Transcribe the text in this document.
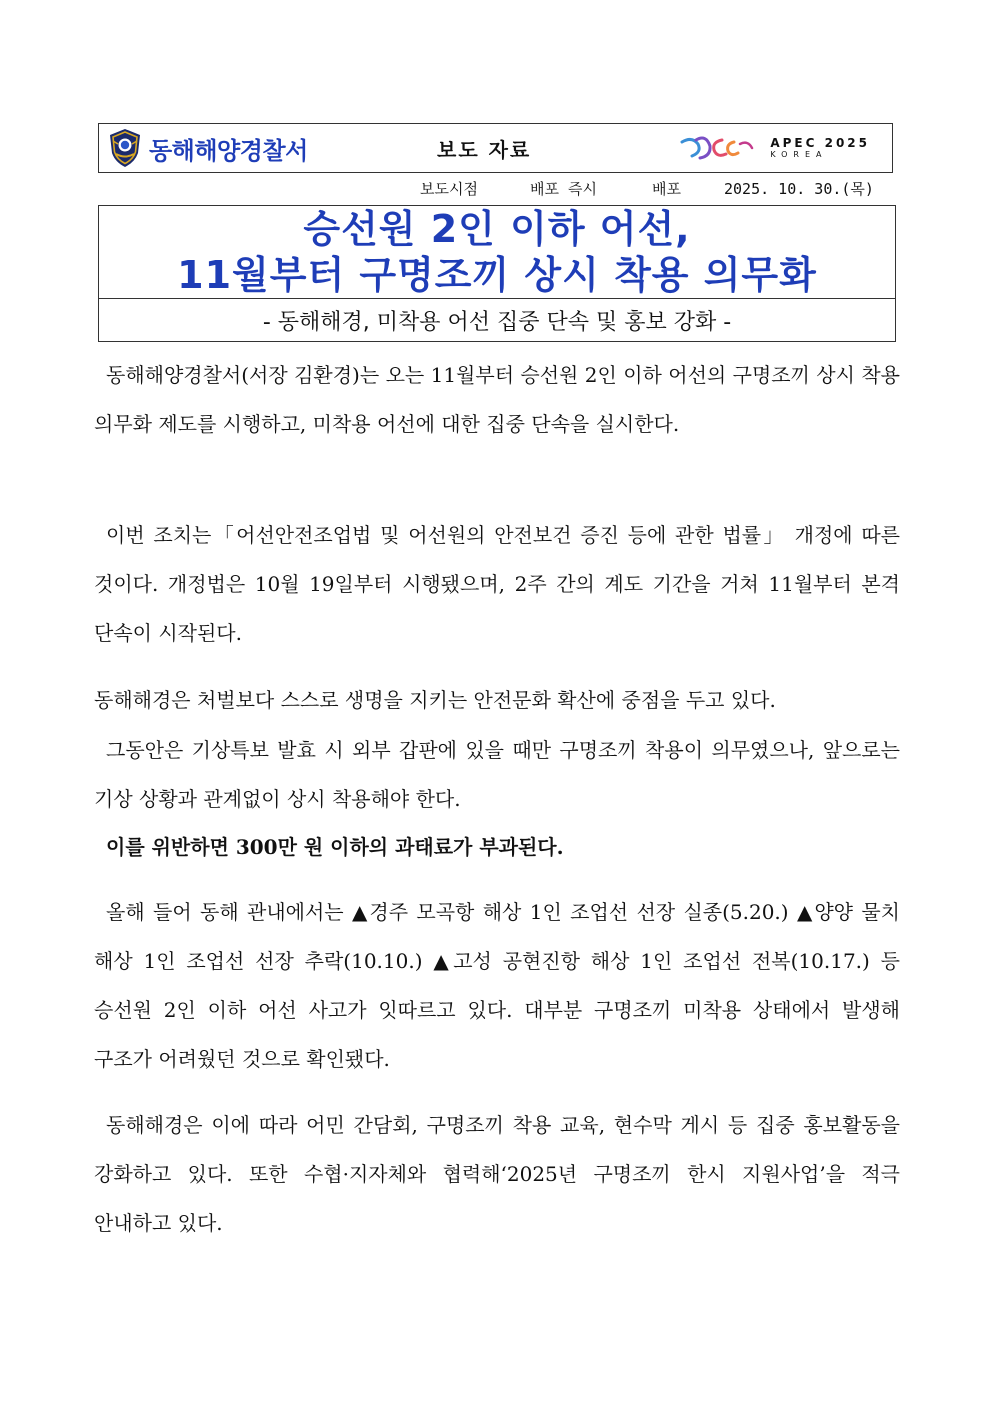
동해해양경찰서	보도 자료	APEC 2025
KOREA
보도시점	배포 즉시	배포	2025. 10. 30.(목)
승선원 2인 이하 어선,
11월부터 구명조끼 상시 착용 의무화
- 동해해경, 미착용 어선 집중 단속 및 홍보 강화 -
동해해양경찰서(서장 김환경)는 오는 11월부터 승선원 2인 이하 어선의 구명조끼 상시 착용 의무화 제도를 시행하고, 미착용 어선에 대한 집중 단속을 실시한다.
이번 조치는「어선안전조업법 및 어선원의 안전보건 증진 등에 관한 법률」 개정에 따른 것이다. 개정법은 10월 19일부터 시행됐으며, 2주 간의 계도 기간을 거쳐 11월부터 본격 단속이 시작된다.
동해해경은 처벌보다 스스로 생명을 지키는 안전문화 확산에 중점을 두고 있다.
그동안은 기상특보 발효 시 외부 갑판에 있을 때만 구명조끼 착용이 의무였으나, 앞으로는 기상 상황과 관계없이 상시 착용해야 한다.
이를 위반하면 300만 원 이하의 과태료가 부과된다.
올해 들어 동해 관내에서는 ▲경주 모곡항 해상 1인 조업선 선장 실종(5.20.) ▲양양 물치 해상 1인 조업선 선장 추락(10.10.) ▲고성 공현진항 해상 1인 조업선 전복(10.17.) 등 승선원 2인 이하 어선 사고가 잇따르고 있다. 대부분 구명조끼 미착용 상태에서 발생해 구조가 어려웠던 것으로 확인됐다.
동해해경은 이에 따라 어민 간담회, 구명조끼 착용 교육, 현수막 게시 등 집중 홍보활동을 강화하고 있다. 또한 수협·지자체와 협력해‘2025년 구명조끼 한시 지원사업’을 적극 안내하고 있다.
